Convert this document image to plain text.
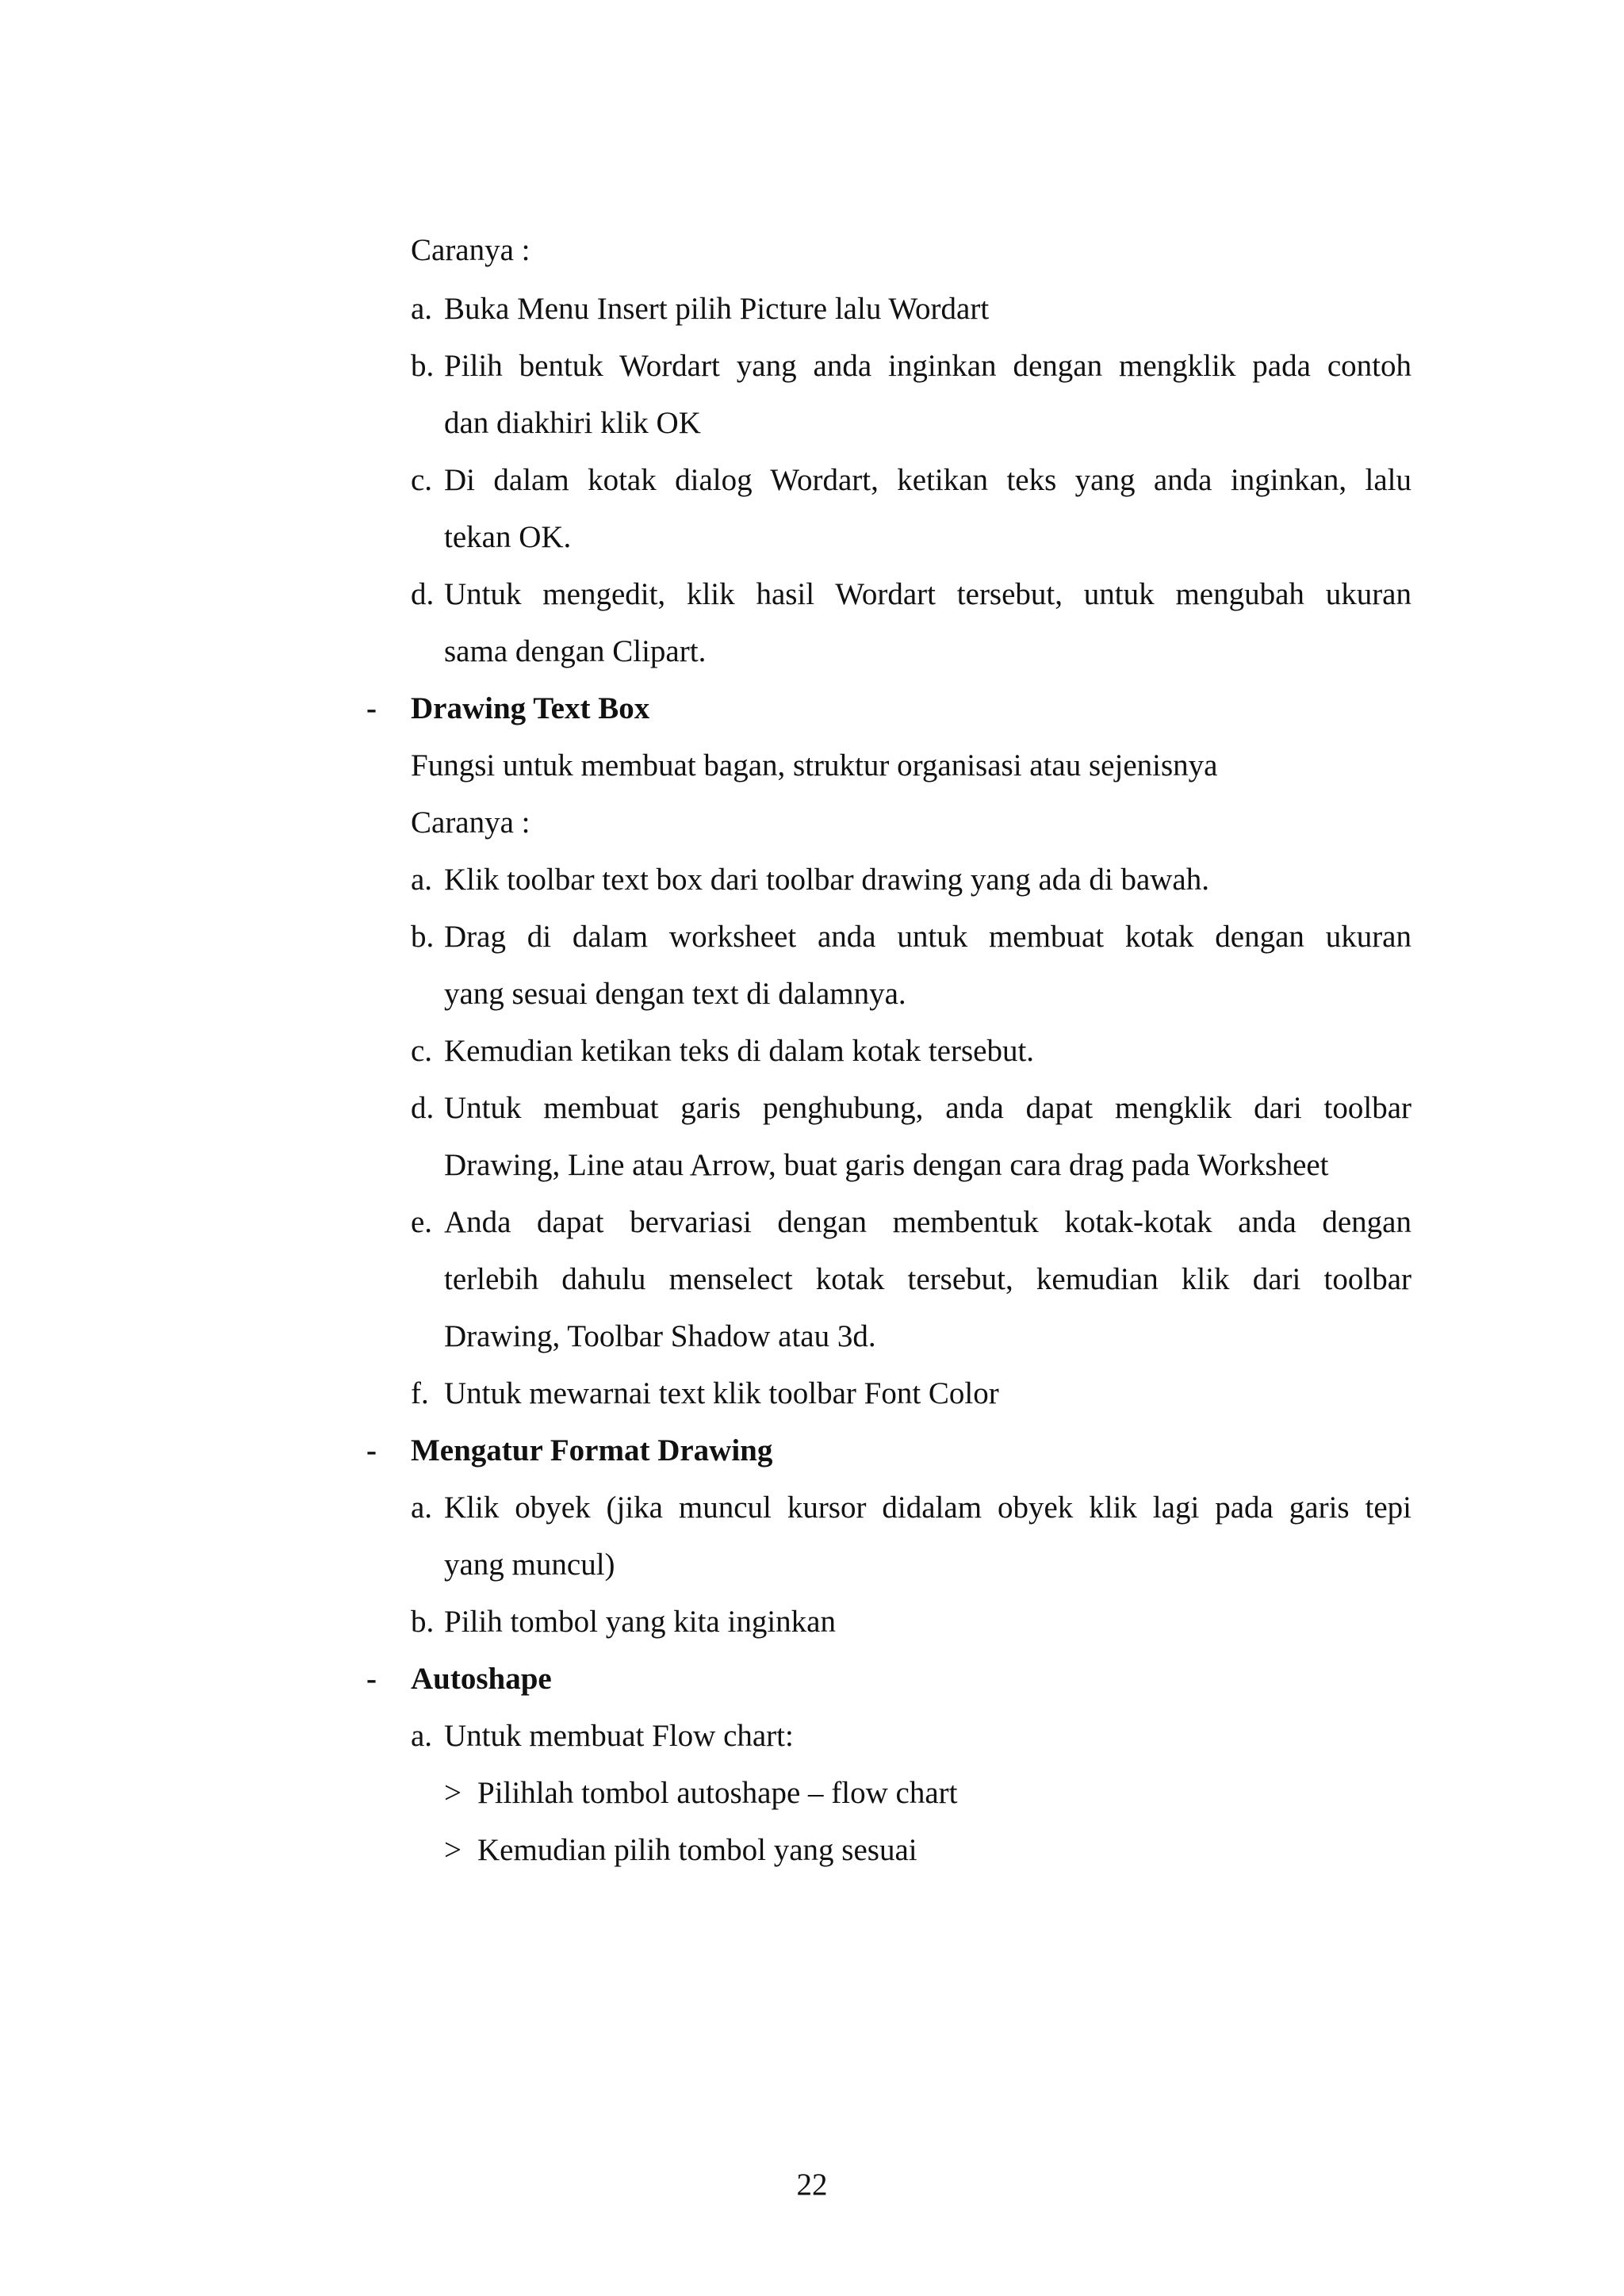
Caranya :
a. Buka Menu Insert pilih Picture lalu Wordart
b. Pilih bentuk Wordart yang anda inginkan dengan mengklik pada contoh
dan diakhiri klik OK
c. Di dalam kotak dialog Wordart, ketikan teks yang anda inginkan, lalu
tekan OK.
d. Untuk mengedit, klik hasil Wordart tersebut, untuk mengubah ukuran
sama dengan Clipart.
- Drawing Text Box
Fungsi untuk membuat bagan, struktur organisasi atau sejenisnya
Caranya :
a. Klik toolbar text box dari toolbar drawing yang ada di bawah.
b. Drag di dalam worksheet anda untuk membuat kotak dengan ukuran
yang sesuai dengan text di dalamnya.
c. Kemudian ketikan teks di dalam kotak tersebut.
d. Untuk membuat garis penghubung, anda dapat mengklik dari toolbar
Drawing, Line atau Arrow, buat garis dengan cara drag pada Worksheet
e. Anda dapat bervariasi dengan membentuk kotak-kotak anda dengan
terlebih dahulu menselect kotak tersebut, kemudian klik dari toolbar
Drawing, Toolbar Shadow atau 3d.
f. Untuk mewarnai text klik toolbar Font Color
- Mengatur Format Drawing
a. Klik obyek (jika muncul kursor didalam obyek klik lagi pada garis tepi
yang muncul)
b. Pilih tombol yang kita inginkan
- Autoshape
a. Untuk membuat Flow chart:
> Pilihlah tombol autoshape – flow chart
> Kemudian pilih tombol yang sesuai
22
